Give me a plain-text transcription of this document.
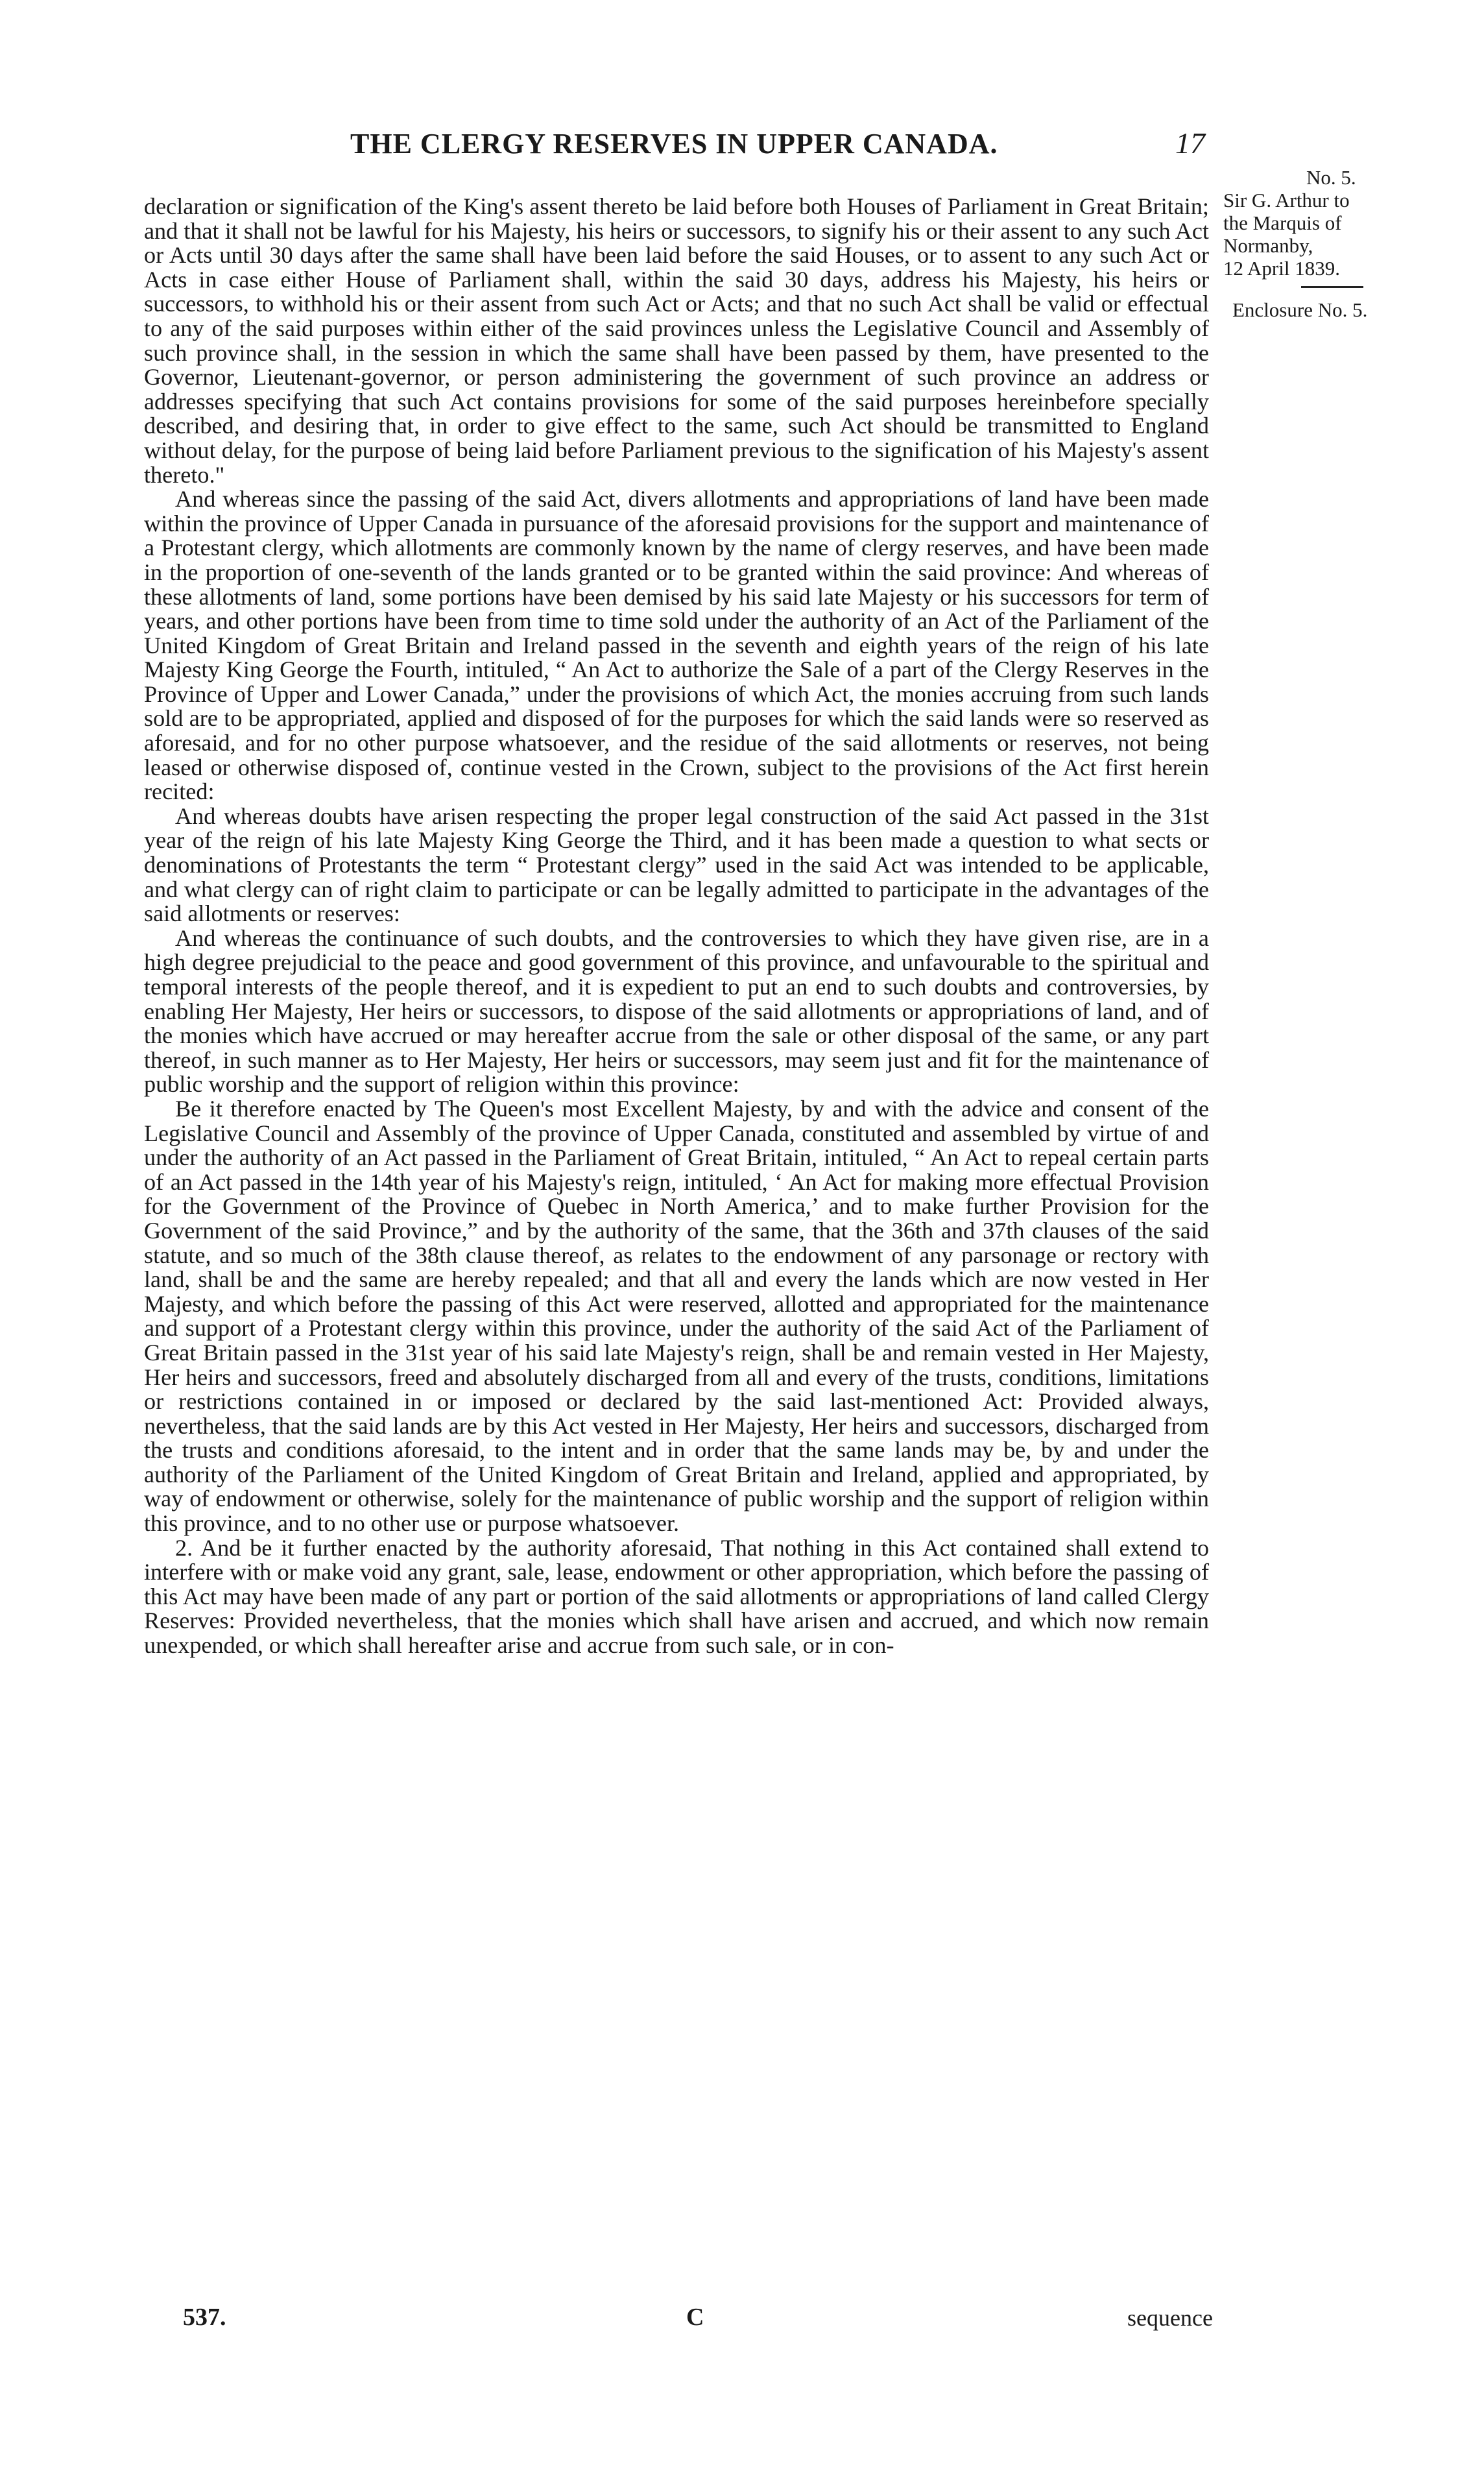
THE CLERGY RESERVES IN UPPER CANADA.	17
No. 5.
Sir G. Arthur to
the Marquis of
Normanby,
12 April 1839.
Enclosure No. 5.

declaration or signification of the King's assent thereto be laid before both Houses of Parliament in Great Britain; and that it shall not be lawful for his Majesty, his heirs or successors, to signify his or their assent to any such Act or Acts until 30 days after the same shall have been laid before the said Houses, or to assent to any such Act or Acts in case either House of Parliament shall, within the said 30 days, address his Majesty, his heirs or successors, to withhold his or their assent from such Act or Acts; and that no such Act shall be valid or effectual to any of the said purposes within either of the said provinces unless the Legislative Council and Assembly of such province shall, in the session in which the same shall have been passed by them, have presented to the Governor, Lieutenant-governor, or person administering the government of such province an address or addresses specifying that such Act contains provisions for some of the said purposes hereinbefore specially described, and desiring that, in order to give effect to the same, such Act should be transmitted to England without delay, for the purpose of being laid before Parliament previous to the signification of his Majesty's assent thereto."

And whereas since the passing of the said Act, divers allotments and appropriations of land have been made within the province of Upper Canada in pursuance of the aforesaid provisions for the support and maintenance of a Protestant clergy, which allotments are commonly known by the name of clergy reserves, and have been made in the proportion of one-seventh of the lands granted or to be granted within the said province: And whereas of these allotments of land, some portions have been demised by his said late Majesty or his successors for term of years, and other portions have been from time to time sold under the authority of an Act of the Parliament of the United Kingdom of Great Britain and Ireland passed in the seventh and eighth years of the reign of his late Majesty King George the Fourth, intituled, “ An Act to authorize the Sale of a part of the Clergy Reserves in the Province of Upper and Lower Canada,” under the provisions of which Act, the monies accruing from such lands sold are to be appropriated, applied and disposed of for the purposes for which the said lands were so reserved as aforesaid, and for no other purpose whatsoever, and the residue of the said allotments or reserves, not being leased or otherwise disposed of, continue vested in the Crown, subject to the provisions of the Act first herein recited:

And whereas doubts have arisen respecting the proper legal construction of the said Act passed in the 31st year of the reign of his late Majesty King George the Third, and it has been made a question to what sects or denominations of Protestants the term “ Protestant clergy” used in the said Act was intended to be applicable, and what clergy can of right claim to participate or can be legally admitted to participate in the advantages of the said allotments or reserves:

And whereas the continuance of such doubts, and the controversies to which they have given rise, are in a high degree prejudicial to the peace and good government of this province, and unfavourable to the spiritual and temporal interests of the people thereof, and it is expedient to put an end to such doubts and controversies, by enabling Her Majesty, Her heirs or successors, to dispose of the said allotments or appropriations of land, and of the monies which have accrued or may hereafter accrue from the sale or other disposal of the same, or any part thereof, in such manner as to Her Majesty, Her heirs or successors, may seem just and fit for the maintenance of public worship and the support of religion within this province:

Be it therefore enacted by The Queen's most Excellent Majesty, by and with the advice and consent of the Legislative Council and Assembly of the province of Upper Canada, constituted and assembled by virtue of and under the authority of an Act passed in the Parliament of Great Britain, intituled, “ An Act to repeal certain parts of an Act passed in the 14th year of his Majesty's reign, intituled, ‘ An Act for making more effectual Provision for the Government of the Province of Quebec in North America,’ and to make further Provision for the Government of the said Province,” and by the authority of the same, that the 36th and 37th clauses of the said statute, and so much of the 38th clause thereof, as relates to the endowment of any parsonage or rectory with land, shall be and the same are hereby repealed; and that all and every the lands which are now vested in Her Majesty, and which before the passing of this Act were reserved, allotted and appropriated for the maintenance and support of a Protestant clergy within this province, under the authority of the said Act of the Parliament of Great Britain passed in the 31st year of his said late Majesty's reign, shall be and remain vested in Her Majesty, Her heirs and successors, freed and absolutely discharged from all and every of the trusts, conditions, limitations or restrictions contained in or imposed or declared by the said last-mentioned Act: Provided always, nevertheless, that the said lands are by this Act vested in Her Majesty, Her heirs and successors, discharged from the trusts and conditions aforesaid, to the intent and in order that the same lands may be, by and under the authority of the Parliament of the United Kingdom of Great Britain and Ireland, applied and appropriated, by way of endowment or otherwise, solely for the maintenance of public worship and the support of religion within this province, and to no other use or purpose whatsoever.

2. And be it further enacted by the authority aforesaid, That nothing in this Act contained shall extend to interfere with or make void any grant, sale, lease, endowment or other appropriation, which before the passing of this Act may have been made of any part or portion of the said allotments or appropriations of land called Clergy Reserves: Provided nevertheless, that the monies which shall have arisen and accrued, and which now remain unexpended, or which shall hereafter arise and accrue from such sale, or in con-

537.	C	sequence
